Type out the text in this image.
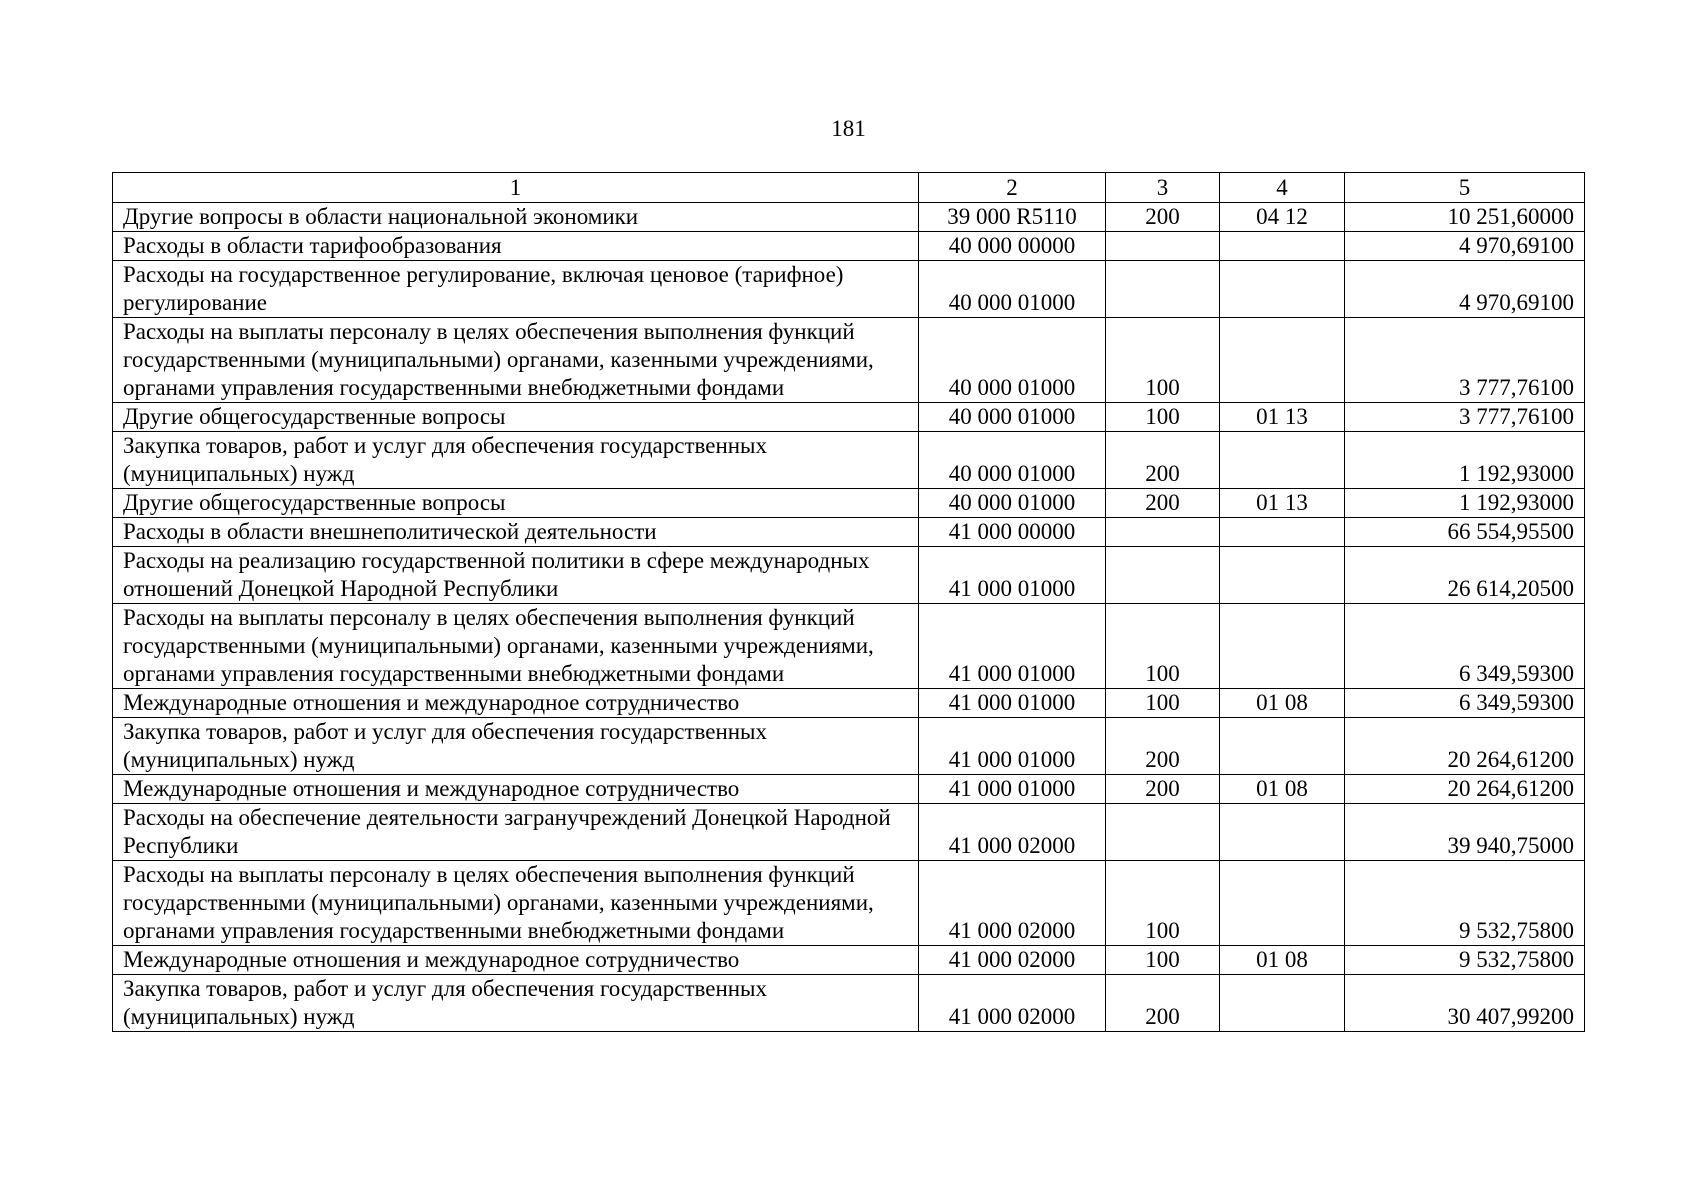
181
1	2	3	4	5
Другие вопросы в области национальной экономики	39 000 R5110	200	04 12	10 251,60000
Расходы в области тарифообразования	40 000 00000			4 970,69100
Расходы на государственное регулирование, включая ценовое (тарифное) регулирование	40 000 01000			4 970,69100
Расходы на выплаты персоналу в целях обеспечения выполнения функций государственными (муниципальными) органами, казенными учреждениями, органами управления государственными внебюджетными фондами	40 000 01000	100		3 777,76100
Другие общегосударственные вопросы	40 000 01000	100	01 13	3 777,76100
Закупка товаров, работ и услуг для обеспечения государственных (муниципальных) нужд	40 000 01000	200		1 192,93000
Другие общегосударственные вопросы	40 000 01000	200	01 13	1 192,93000
Расходы в области внешнеполитической деятельности	41 000 00000			66 554,95500
Расходы на реализацию государственной политики в сфере международных отношений Донецкой Народной Республики	41 000 01000			26 614,20500
Расходы на выплаты персоналу в целях обеспечения выполнения функций государственными (муниципальными) органами, казенными учреждениями, органами управления государственными внебюджетными фондами	41 000 01000	100		6 349,59300
Международные отношения и международное сотрудничество	41 000 01000	100	01 08	6 349,59300
Закупка товаров, работ и услуг для обеспечения государственных (муниципальных) нужд	41 000 01000	200		20 264,61200
Международные отношения и международное сотрудничество	41 000 01000	200	01 08	20 264,61200
Расходы на обеспечение деятельности загранучреждений Донецкой Народной Республики	41 000 02000			39 940,75000
Расходы на выплаты персоналу в целях обеспечения выполнения функций государственными (муниципальными) органами, казенными учреждениями, органами управления государственными внебюджетными фондами	41 000 02000	100		9 532,75800
Международные отношения и международное сотрудничество	41 000 02000	100	01 08	9 532,75800
Закупка товаров, работ и услуг для обеспечения государственных (муниципальных) нужд	41 000 02000	200		30 407,99200
